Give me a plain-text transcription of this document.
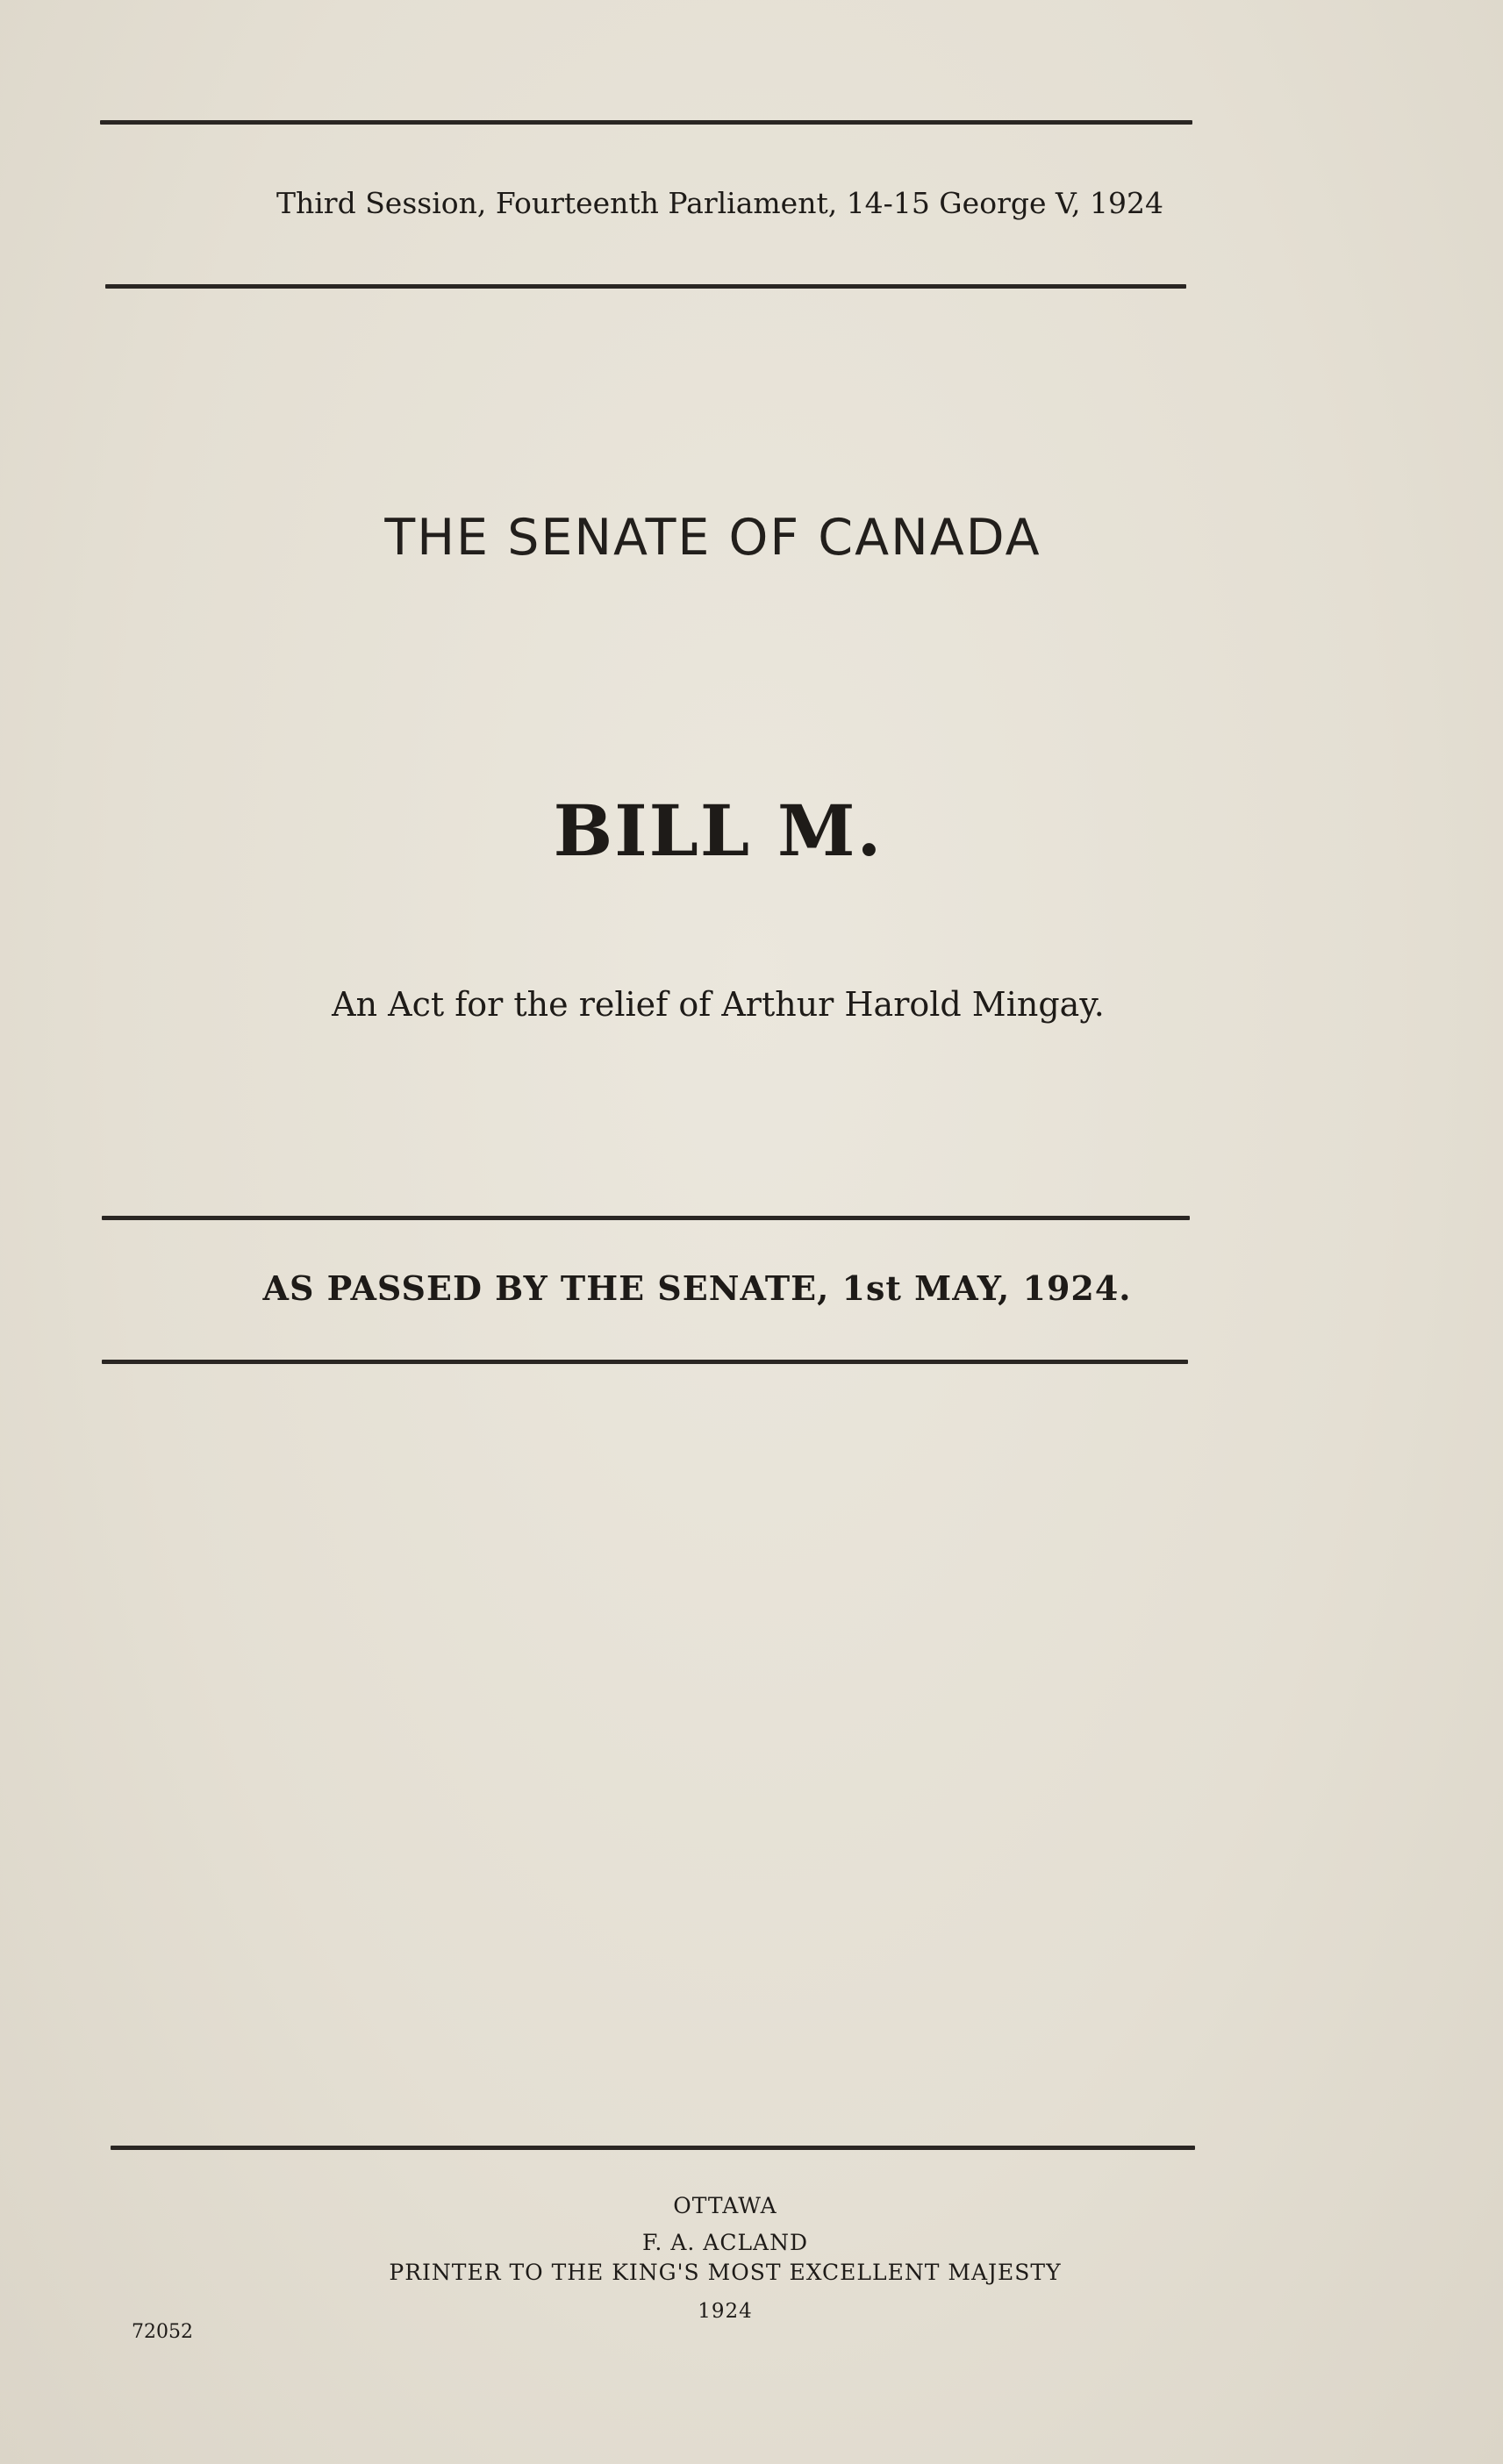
Third Session, Fourteenth Parliament, 14-15 George V, 1924
THE SENATE OF CANADA
BILL M.
An Act for the relief of Arthur Harold Mingay.
AS PASSED BY THE SENATE, 1st MAY, 1924.
OTTAWA
F. A. ACLAND
PRINTER TO THE KING'S MOST EXCELLENT MAJESTY
1924
72052
